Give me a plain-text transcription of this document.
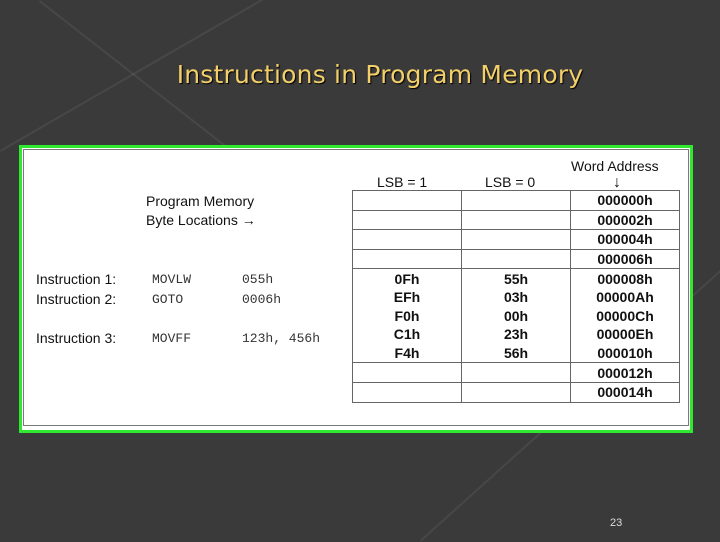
Instructions in Program Memory
Word Address
↓
LSB = 1	LSB = 0
Program Memory
Byte Locations →
Instruction 1:	MOVLW	055h
Instruction 2:	GOTO	0006h
Instruction 3:	MOVFF	123h, 456h
		000000h
		000002h
		000004h
		000006h
0Fh	55h	000008h
EFh	03h	00000Ah
F0h	00h	00000Ch
C1h	23h	00000Eh
F4h	56h	000010h
		000012h
		000014h
23
